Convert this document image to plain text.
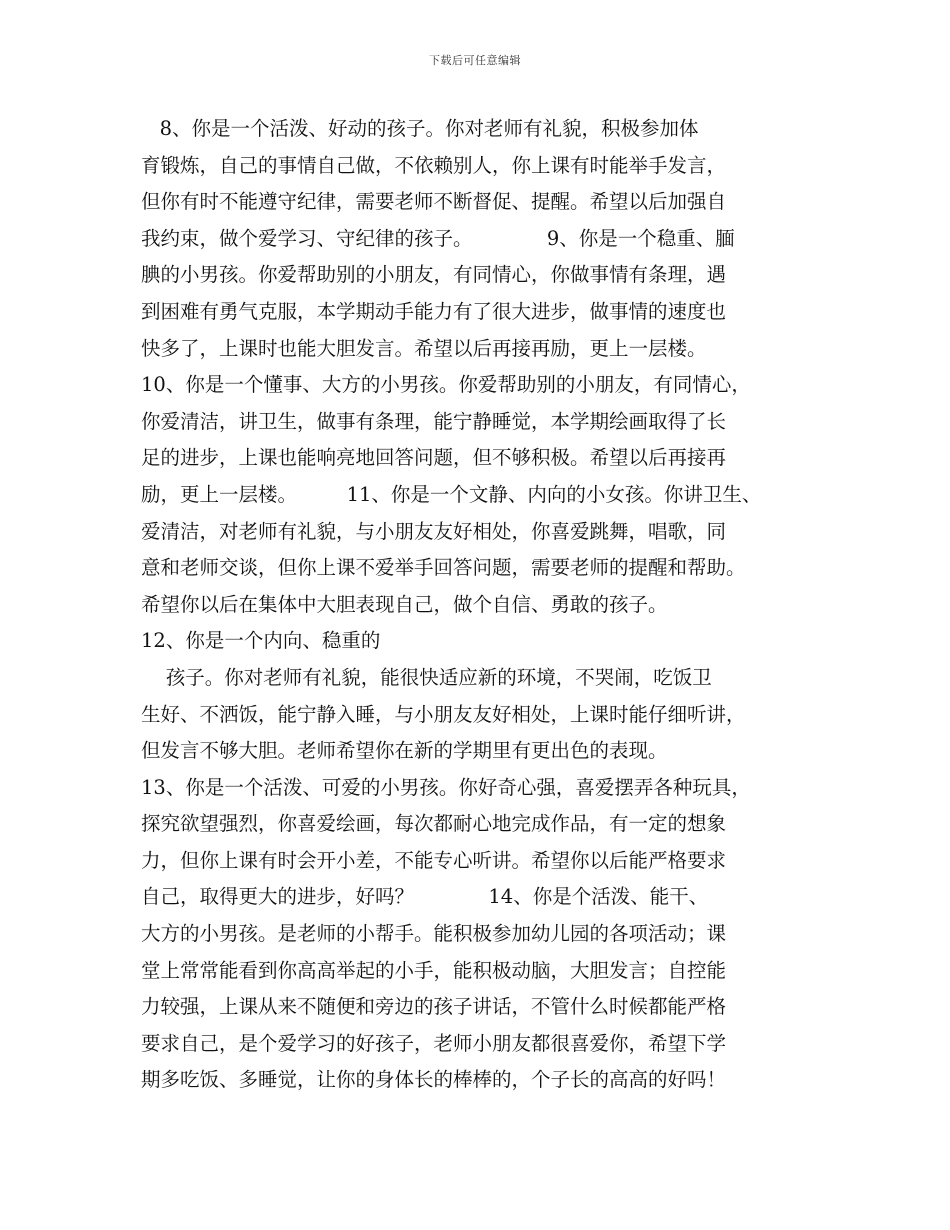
下载后可任意编辑
8、你是一个活泼、好动的孩子。你对老师有礼貌，积极参加体
育锻炼，自己的事情自己做，不依赖别人，你上课有时能举手发言，
但你有时不能遵守纪律，需要老师不断督促、提醒。希望以后加强自
我约束，做个爱学习、守纪律的孩子。            9、你是一个稳重、腼
腆的小男孩。你爱帮助别的小朋友，有同情心，你做事情有条理，遇
到困难有勇气克服，本学期动手能力有了很大进步，做事情的速度也
快多了，上课时也能大胆发言。希望以后再接再励，更上一层楼。
10、你是一个懂事、大方的小男孩。你爱帮助别的小朋友，有同情心，
你爱清洁，讲卫生，做事有条理，能宁静睡觉，本学期绘画取得了长
足的进步，上课也能响亮地回答问题，但不够积极。希望以后再接再
励，更上一层楼。        11、你是一个文静、内向的小女孩。你讲卫生、
爱清洁，对老师有礼貌，与小朋友友好相处，你喜爱跳舞，唱歌，同
意和老师交谈，但你上课不爱举手回答问题，需要老师的提醒和帮助。
希望你以后在集体中大胆表现自己，做个自信、勇敢的孩子。
12、你是一个内向、稳重的
孩子。你对老师有礼貌，能很快适应新的环境，不哭闹，吃饭卫
生好、不洒饭，能宁静入睡，与小朋友友好相处，上课时能仔细听讲，
但发言不够大胆。老师希望你在新的学期里有更出色的表现。
13、你是一个活泼、可爱的小男孩。你好奇心强，喜爱摆弄各种玩具，
探究欲望强烈，你喜爱绘画，每次都耐心地完成作品，有一定的想象
力，但你上课有时会开小差，不能专心听讲。希望你以后能严格要求
自己，取得更大的进步，好吗？            14、你是个活泼、能干、
大方的小男孩。是老师的小帮手。能积极参加幼儿园的各项活动；课
堂上常常能看到你高高举起的小手，能积极动脑，大胆发言；自控能
力较强，上课从来不随便和旁边的孩子讲话，不管什么时候都能严格
要求自己，是个爱学习的好孩子，老师小朋友都很喜爱你，希望下学
期多吃饭、多睡觉，让你的身体长的棒棒的，个子长的高高的好吗！
